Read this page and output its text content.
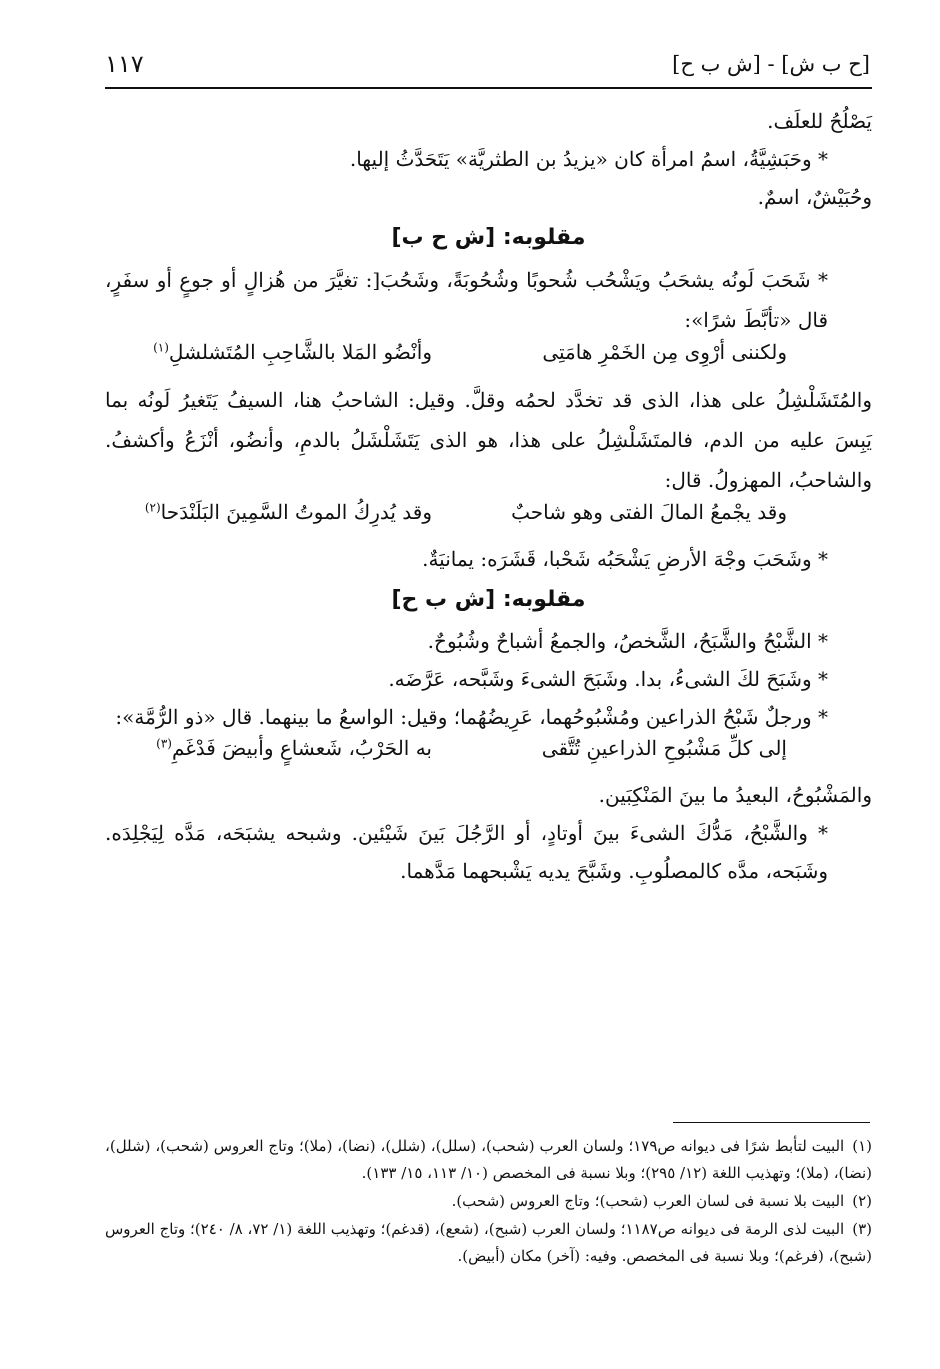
[ح ب ش] - [ش ب ح]
١١٧

يَصْلُحُ للعلَف.

* وحَبَشِيَّةُ، اسمُ امرأة كان «يزيدُ بن الطثريَّة» يَتَحَدَّثُ إليها.

وحُبَيْشٌ، اسمٌ.

مقلوبه: [ش ح ب]

* شَحَبَ لَونُه يشحَبُ ويَشْحُب شُحوبًا وشُحُوبَةً، وشَحُبَ[: تغيَّرَ من هُزالٍ أو جوعٍ أو سفَرٍ، قال «تأبَّطَ شرًا»:

ولكننى أرْوِى مِن الخَمْرِ هامَتِى
وأنْضُو المَلا بالشَّاحِبِ المُتَشلشلِ$^{(١)}$

والمُتَشَلْشِلُ على هذا، الذى قد تخدَّد لحمُه وقلَّ. وقيل: الشاحبُ هنا، السيفُ يَتَغيرُ لَونُه بما يَبِسَ عليه من الدم، فالمتَشَلْشِلُ على هذا، هو الذى يَتَشَلْشَلُ بالدمِ، وأنضُو، أنْزَعُ وأكشفُ. والشاحبُ، المهزولُ. قال:

وقد يجْمعُ المالَ الفتى وهو شاحبٌ
وقد يُدرِكُ الموتُ السَّمِينَ البَلَنْدَحا$^{(٢)}$

* وشَحَبَ وجْهَ الأرضِ يَشْحَبُه شَحْبا، قَشَرَه: يمانيَةٌ.

مقلوبه: [ش ب ح]

* الشَّبْحُ والشَّبَحُ، الشَّخصُ، والجمعُ أشباحٌ وشُبُوحٌ.

* وشَبَحَ لكَ الشىءُ، بدا. وشَبَحَ الشىءَ وشَبَّحه، عَرَّضَه.

* ورجلٌ شَبْحُ الذراعين ومُشْبُوحُهما، عَرِيضُهُما؛ وقيل: الواسعُ ما بينهما. قال «ذو الرُّمَّة»:

إلى كلِّ مَشْبُوحِ الذراعينِ تُتَّقى
به الحَرْبُ، شَعشاعٍ وأبيضَ فَدْغَمِ$^{(٣)}$

والمَشْبُوحُ، البعيدُ ما بينَ المَنْكِبَين.

* والشَّبْحُ، مَدُّكَ الشىءَ بينَ أوتادٍ، أو الرَّجُلَ بَينَ شَيْئين. وشبحه يشبَحَه، مَدَّه لِيَجْلِدَه. وشَبَحه، مدَّه كالمصلُوبِ. وشَبَّحَ يديه يَشْبحهما مَدَّهما.

(١)البيت لتأبط شرًا فى ديوانه ص١٧٩؛ ولسان العرب (شحب)، (سلل)، (شلل)، (نضا)، (ملا)؛ وتاج العروس (شحب)، (شلل)، (نضا)، (ملا)؛ وتهذيب اللغة (١٢/ ٢٩٥)؛ وبلا نسبة فى المخصص (١٠/ ١١٣، ١٥/ ١٣٣).

(٢)البيت بلا نسبة فى لسان العرب (شحب)؛ وتاج العروس (شحب).

(٣)البيت لذى الرمة فى ديوانه ص١١٨٧؛ ولسان العرب (شبح)، (شعع)، (قدغم)؛ وتهذيب اللغة (١/ ٧٢، ٨/ ٢٤٠)؛ وتاج العروس (شبح)، (فرغم)؛ وبلا نسبة فى المخصص. وفيه: (آخر) مكان (أبيض).
